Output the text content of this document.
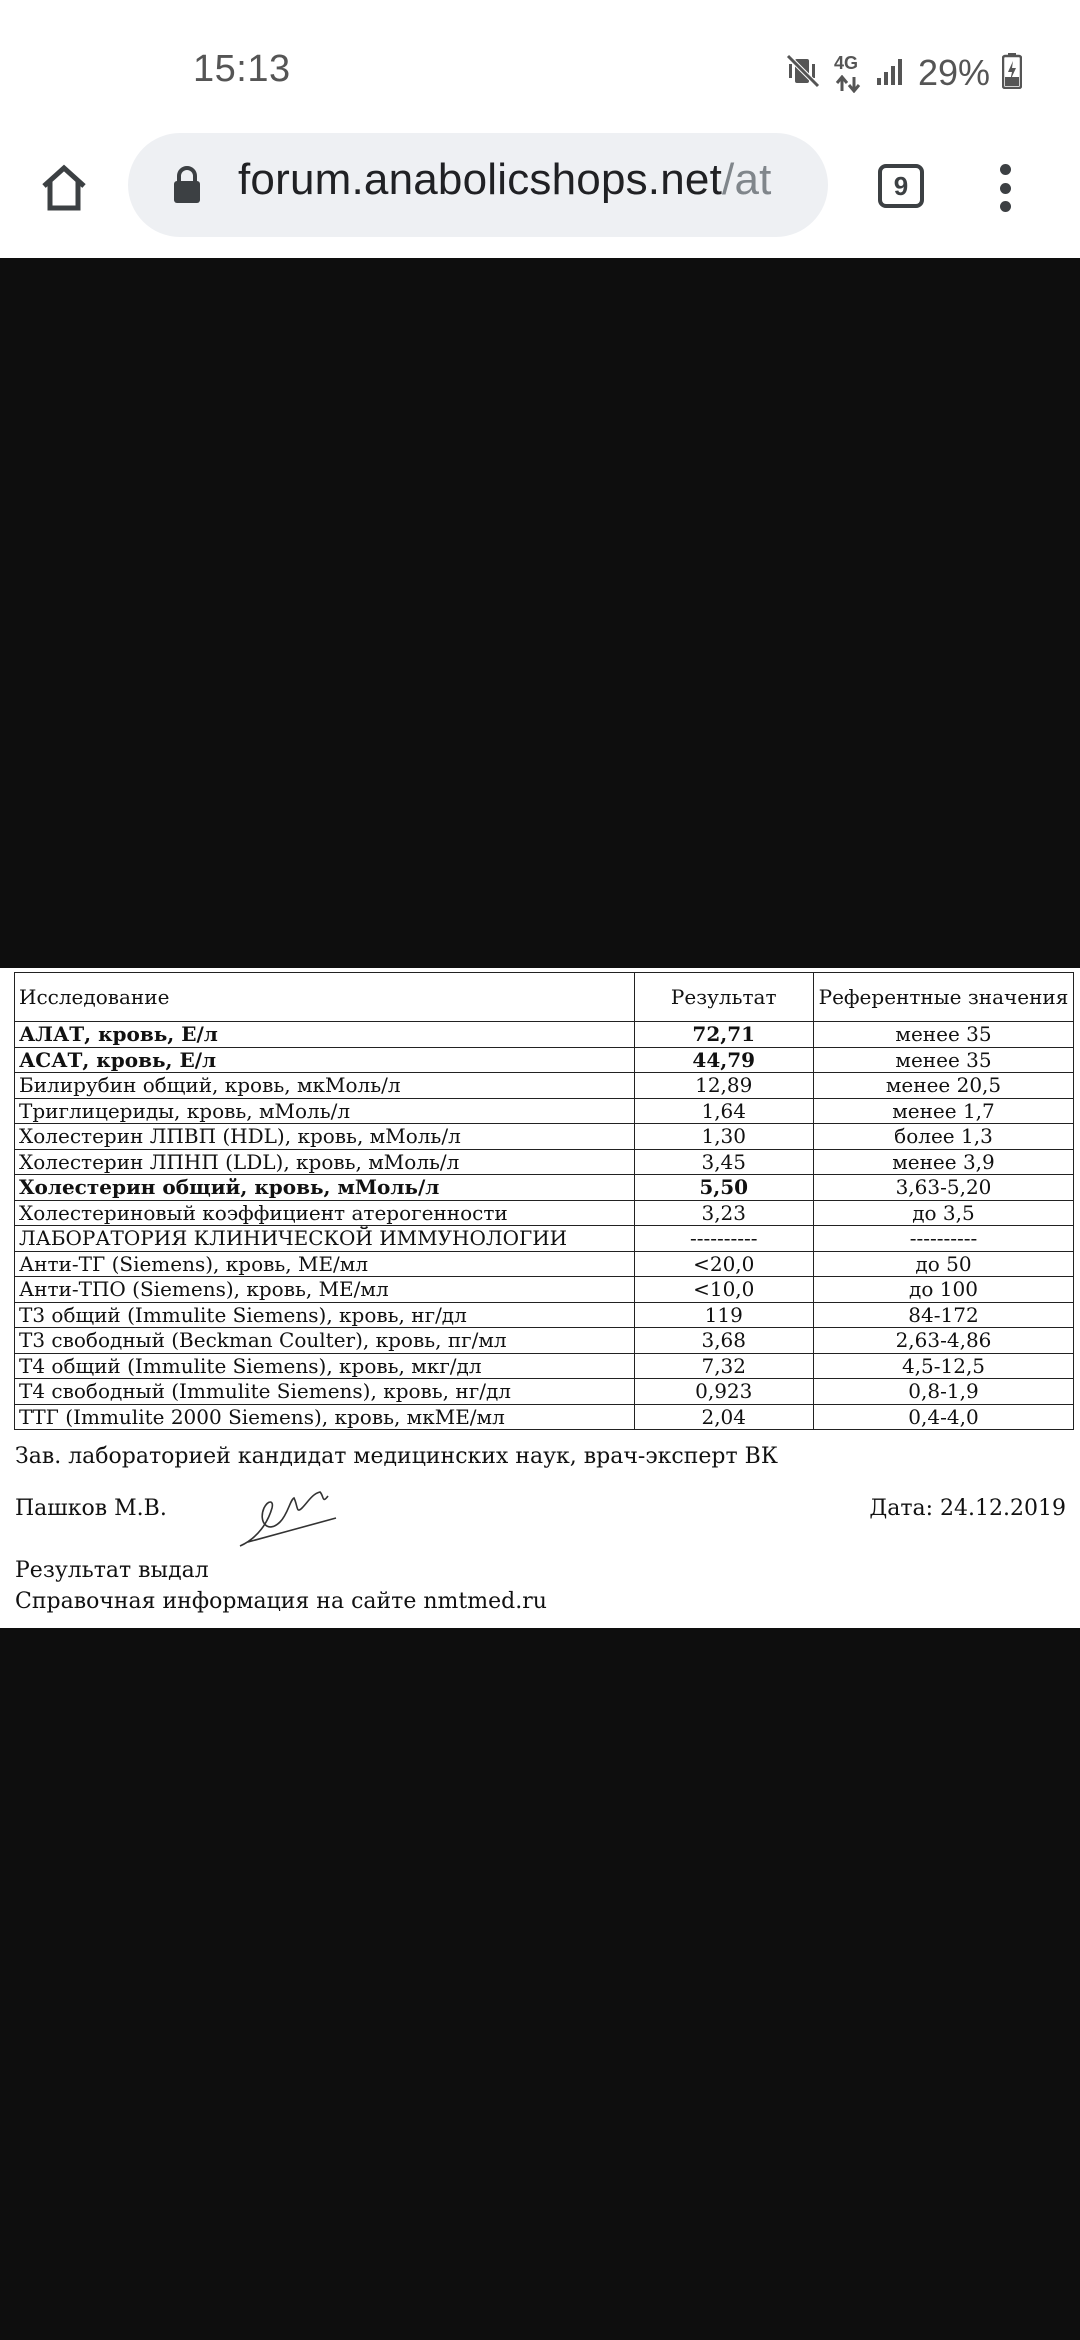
15:13	4G 29%
forum.anabolicshops.net/at	9
Исследование	Результат	Референтные значения
АЛАТ, кровь, Е/л	72,71	менее 35
АСАТ, кровь, Е/л	44,79	менее 35
Билирубин общий, кровь, мкМоль/л	12,89	менее 20,5
Триглицериды, кровь, мМоль/л	1,64	менее 1,7
Холестерин ЛПВП (HDL), кровь, мМоль/л	1,30	более 1,3
Холестерин ЛПНП (LDL), кровь, мМоль/л	3,45	менее 3,9
Холестерин общий, кровь, мМоль/л	5,50	3,63-5,20
Холестериновый коэффициент атерогенности	3,23	до 3,5
ЛАБОРАТОРИЯ КЛИНИЧЕСКОЙ ИММУНОЛОГИИ	----------	----------
Анти-ТГ (Siemens), кровь, МЕ/мл	<20,0	до 50
Анти-ТПО (Siemens), кровь, МЕ/мл	<10,0	до 100
Т3 общий (Immulite Siemens), кровь, нг/дл	119	84-172
Т3 свободный (Beckman Coulter), кровь, пг/мл	3,68	2,63-4,86
Т4 общий (Immulite Siemens), кровь, мкг/дл	7,32	4,5-12,5
Т4 свободный (Immulite Siemens), кровь, нг/дл	0,923	0,8-1,9
ТТГ (Immulite 2000 Siemens), кровь, мкМЕ/мл	2,04	0,4-4,0
Зав. лабораторией кандидат медицинских наук, врач-эксперт ВК
Пашков М.В.	Дата: 24.12.2019
Результат выдал
Справочная информация на сайте nmtmed.ru
